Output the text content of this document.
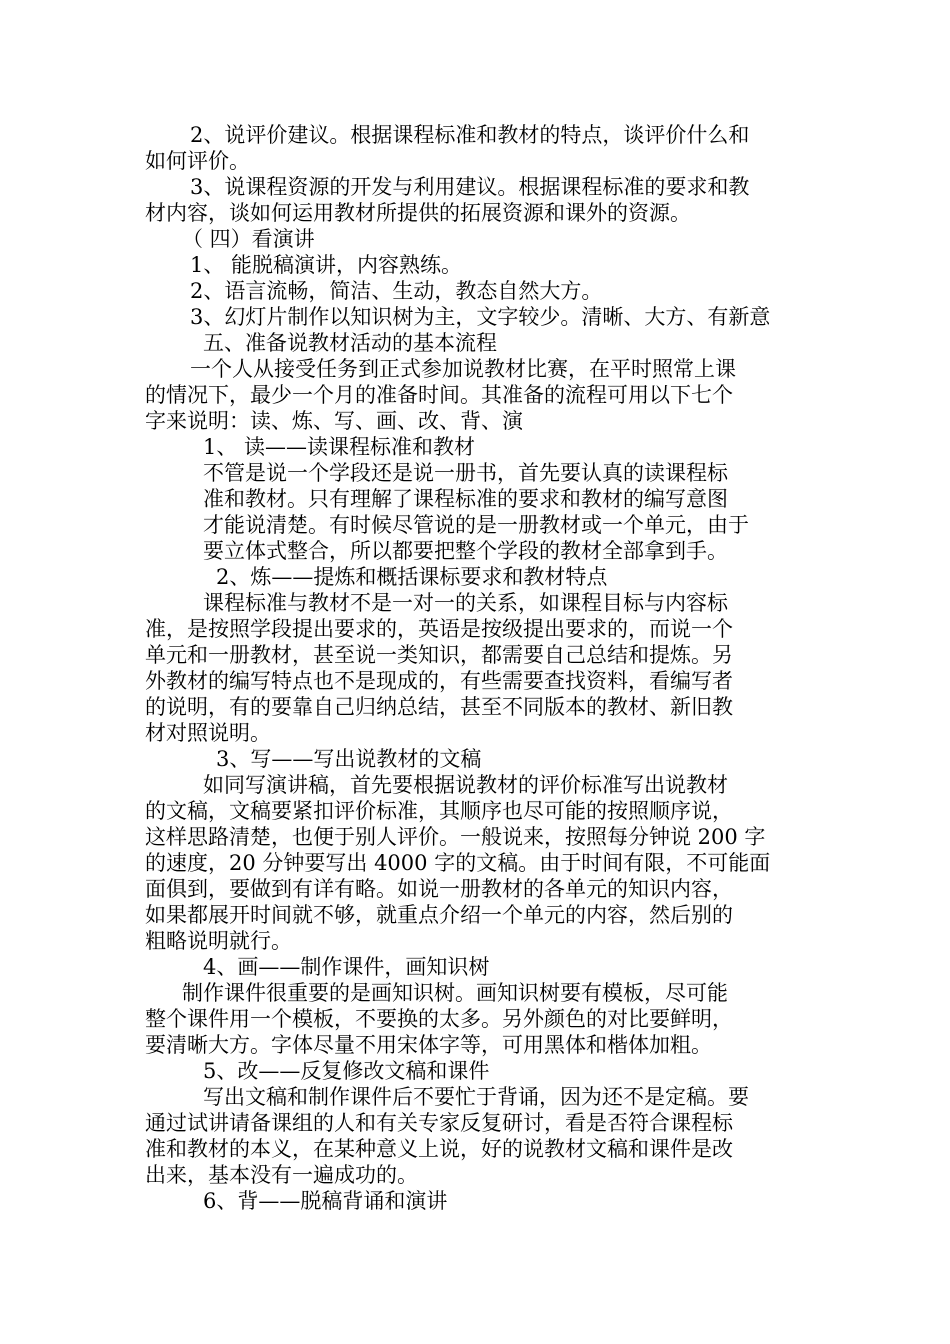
2、说评价建议。根据课程标准和教材的特点，谈评价什么和
如何评价。
3、说课程资源的开发与利用建议。根据课程标准的要求和教
材内容，谈如何运用教材所提供的拓展资源和课外的资源。
（ 四）看演讲
1、 能脱稿演讲，内容熟练。
2、语言流畅，简洁、生动，教态自然大方。
3、幻灯片制作以知识树为主，文字较少。清晰、大方、有新意
五、准备说教材活动的基本流程
一个人从接受任务到正式参加说教材比赛，在平时照常上课
的情况下，最少一个月的准备时间。其准备的流程可用以下七个
字来说明：读、炼、写、画、改、背、演
1、 读——读课程标准和教材
不管是说一个学段还是说一册书，首先要认真的读课程标
准和教材。只有理解了课程标准的要求和教材的编写意图
才能说清楚。有时候尽管说的是一册教材或一个单元，由于
要立体式整合，所以都要把整个学段的教材全部拿到手。
2、炼——提炼和概括课标要求和教材特点
课程标准与教材不是一对一的关系，如课程目标与内容标
准，是按照学段提出要求的，英语是按级提出要求的，而说一个
单元和一册教材，甚至说一类知识，都需要自己总结和提炼。另
外教材的编写特点也不是现成的，有些需要查找资料，看编写者
的说明，有的要靠自己归纳总结，甚至不同版本的教材、新旧教
材对照说明。
3、写——写出说教材的文稿
如同写演讲稿，首先要根据说教材的评价标准写出说教材
的文稿，文稿要紧扣评价标准，其顺序也尽可能的按照顺序说，
这样思路清楚，也便于别人评价。一般说来，按照每分钟说 200 字
的速度，20 分钟要写出 4000 字的文稿。由于时间有限，不可能面
面俱到，要做到有详有略。如说一册教材的各单元的知识内容，
如果都展开时间就不够，就重点介绍一个单元的内容，然后别的
粗略说明就行。
4、画——制作课件，画知识树
制作课件很重要的是画知识树。画知识树要有模板，尽可能
整个课件用一个模板，不要换的太多。另外颜色的对比要鲜明，
要清晰大方。字体尽量不用宋体字等，可用黑体和楷体加粗。
5、改——反复修改文稿和课件
写出文稿和制作课件后不要忙于背诵，因为还不是定稿。要
通过试讲请备课组的人和有关专家反复研讨，看是否符合课程标
准和教材的本义，在某种意义上说，好的说教材文稿和课件是改
出来，基本没有一遍成功的。
6、背——脱稿背诵和演讲
